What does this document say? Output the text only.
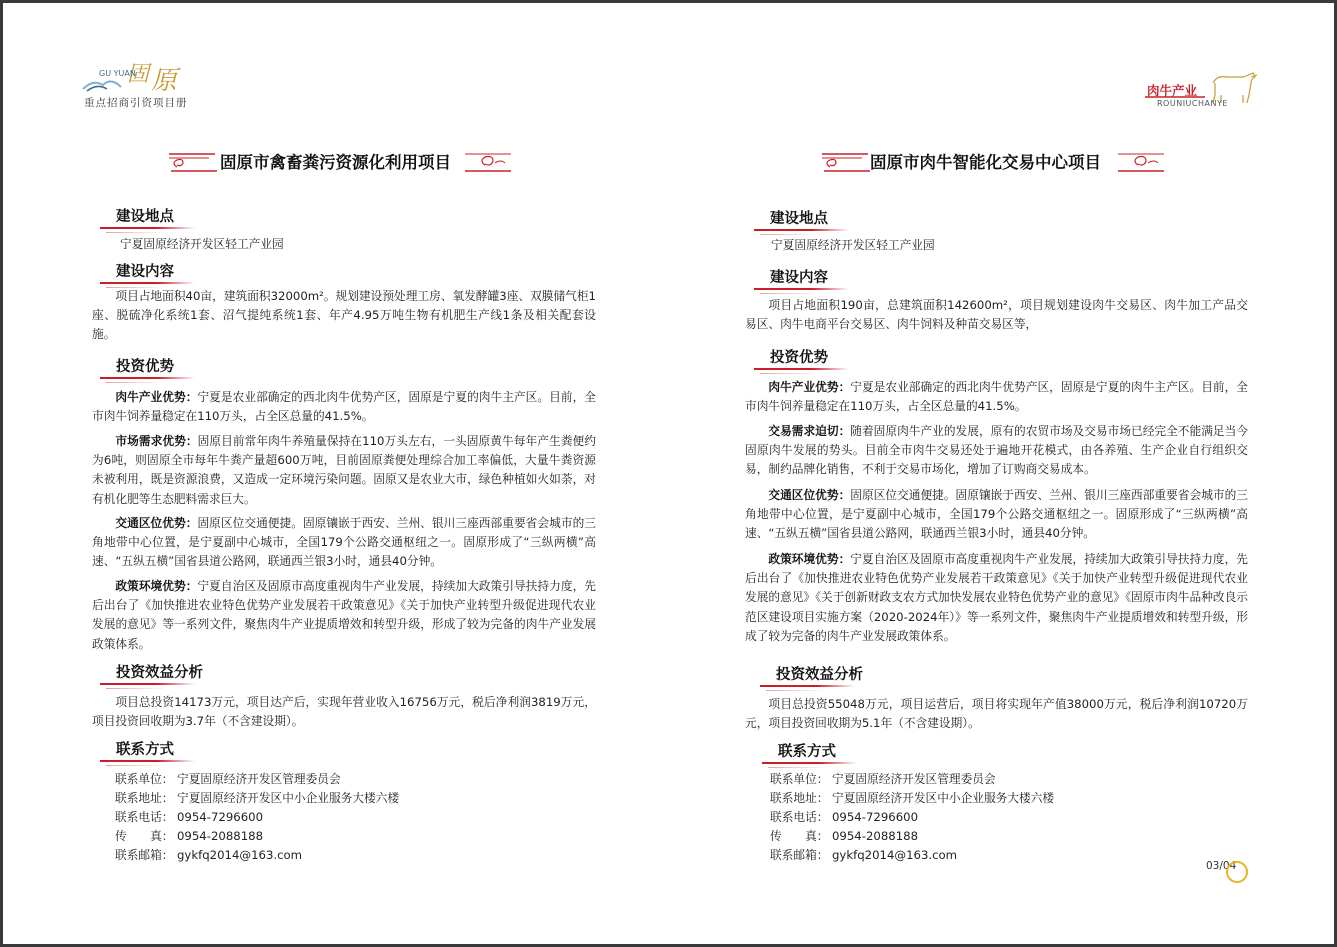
固 原
GU YUAN
重点招商引资项目册
固原市禽畜粪污资源化利用项目
建设地点
宁夏固原经济开发区轻工产业园
建设内容
项目占地面积40亩，建筑面积32000m²。规划建设预处理工房、氧发酵罐3座、双膜储气柜1座、脱硫净化系统1套、沼气提纯系统1套、年产4.95万吨生物有机肥生产线1条及相关配套设施。
投资优势
肉牛产业优势：宁夏是农业部确定的西北肉牛优势产区，固原是宁夏的肉牛主产区。目前，全市肉牛饲养量稳定在110万头，占全区总量的41.5%。
市场需求优势：固原目前常年肉牛养殖量保持在110万头左右，一头固原黄牛每年产生粪便约为6吨，则固原全市每年牛粪产量超600万吨，目前固原粪便处理综合加工率偏低，大量牛粪资源未被利用，既是资源浪费，又造成一定环境污染问题。固原又是农业大市，绿色种植如火如荼，对有机化肥等生态肥料需求巨大。
交通区位优势：固原区位交通便捷。固原镶嵌于西安、兰州、银川三座西部重要省会城市的三角地带中心位置，是宁夏副中心城市，全国179个公路交通枢纽之一。固原形成了“三纵两横”高速、“五纵五横”国省县道公路网，联通西兰银3小时，通县40分钟。
政策环境优势：宁夏自治区及固原市高度重视肉牛产业发展，持续加大政策引导扶持力度，先后出台了《加快推进农业特色优势产业发展若干政策意见》《关于加快产业转型升级促进现代农业发展的意见》等一系列文件，聚焦肉牛产业提质增效和转型升级，形成了较为完备的肉牛产业发展政策体系。
投资效益分析
项目总投资14173万元，项目达产后，实现年营业收入16756万元，税后净利润3819万元，项目投资回收期为3.7年（不含建设期）。
联系方式
联系单位： 宁夏固原经济开发区管理委员会
联系地址： 宁夏固原经济开发区中小企业服务大楼六楼
联系电话： 0954-7296600
传　　真： 0954-2088188
联系邮箱： gykfq2014@163.com
肉牛产业
ROUNIUCHANYE
固原市肉牛智能化交易中心项目
建设地点
宁夏固原经济开发区轻工产业园
建设内容
项目占地面积190亩，总建筑面积142600m²，项目规划建设肉牛交易区、肉牛加工产品交易区、肉牛电商平台交易区、肉牛饲料及种苗交易区等，
投资优势
肉牛产业优势：宁夏是农业部确定的西北肉牛优势产区，固原是宁夏的肉牛主产区。目前，全市肉牛饲养量稳定在110万头，占全区总量的41.5%。
交易需求迫切：随着固原肉牛产业的发展，原有的农贸市场及交易市场已经完全不能满足当今固原肉牛发展的势头。目前全市肉牛交易还处于遍地开花模式，由各养殖、生产企业自行组织交易，制约品牌化销售，不利于交易市场化，增加了订购商交易成本。
交通区位优势：固原区位交通便捷。固原镶嵌于西安、兰州、银川三座西部重要省会城市的三角地带中心位置，是宁夏副中心城市，全国179个公路交通枢纽之一。固原形成了“三纵两横”高速、“五纵五横”国省县道公路网，联通西兰银3小时，通县40分钟。
政策环境优势：宁夏自治区及固原市高度重视肉牛产业发展，持续加大政策引导扶持力度，先后出台了《加快推进农业特色优势产业发展若干政策意见》《关于加快产业转型升级促进现代农业发展的意见》《关于创新财政支农方式加快发展农业特色优势产业的意见》《固原市肉牛品种改良示范区建设项目实施方案（2020-2024年）》等一系列文件，聚焦肉牛产业提质增效和转型升级，形成了较为完备的肉牛产业发展政策体系。
投资效益分析
项目总投资55048万元，项目运营后，项目将实现年产值38000万元，税后净利润10720万元，项目投资回收期为5.1年（不含建设期）。
联系方式
联系单位： 宁夏固原经济开发区管理委员会
联系地址： 宁夏固原经济开发区中小企业服务大楼六楼
联系电话： 0954-7296600
传　　真： 0954-2088188
联系邮箱： gykfq2014@163.com
03/04
